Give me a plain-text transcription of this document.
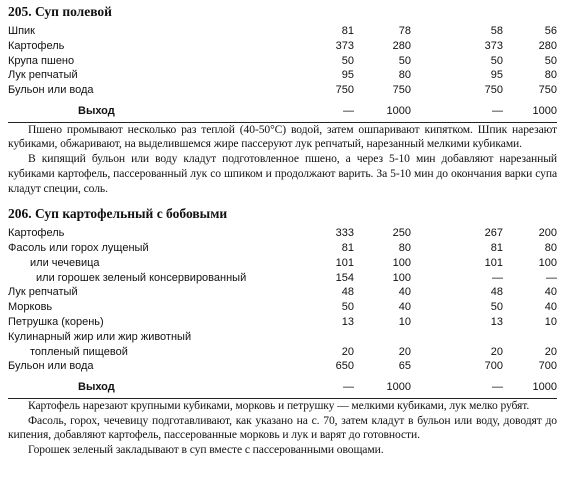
205. Суп полевой
Шпик	81	78	58	56
Картофель	373	280	373	280
Крупа пшено	50	50	50	50
Лук репчатый	95	80	95	80
Бульон или вода	750	750	750	750
Выход	—	1000	—	1000

Пшено промывают несколько раз теплой (40-50°С) водой, затем ошпаривают кипятком. Шпик нарезают кубиками, обжаривают, на выделившемся жире пассеруют лук репчатый, нарезанный мелкими кубиками.

В кипящий бульон или воду кладут подготовленное пшено, а через 5-10 мин добавляют нарезанный кубиками картофель, пассерованный лук со шпиком и продолжают варить. За 5-10 мин до окончания варки супа кладут специи, соль.

206. Суп картофельный с бобовыми
Картофель	333	250	267	200
Фасоль или горох лущеный	81	80	81	80
или чечевица	101	100	101	100
или горошек зеленый консервированный	154	100	—	—
Лук репчатый	48	40	48	40
Морковь	50	40	50	40
Петрушка (корень)	13	10	13	10
Кулинарный жир или жир животный
топленый пищевой	20	20	20	20
Бульон или вода	650	65	700	700
Выход	—	1000	—	1000

Картофель нарезают крупными кубиками, морковь и петрушку — мелкими кубиками, лук мелко рубят.

Фасоль, горох, чечевицу подготавливают, как указано на с. 70, затем кладут в бульон или воду, доводят до кипения, добавляют картофель, пассерованные морковь и лук и варят до готовности.

Горошек зеленый закладывают в суп вместе с пассерованными овощами.
